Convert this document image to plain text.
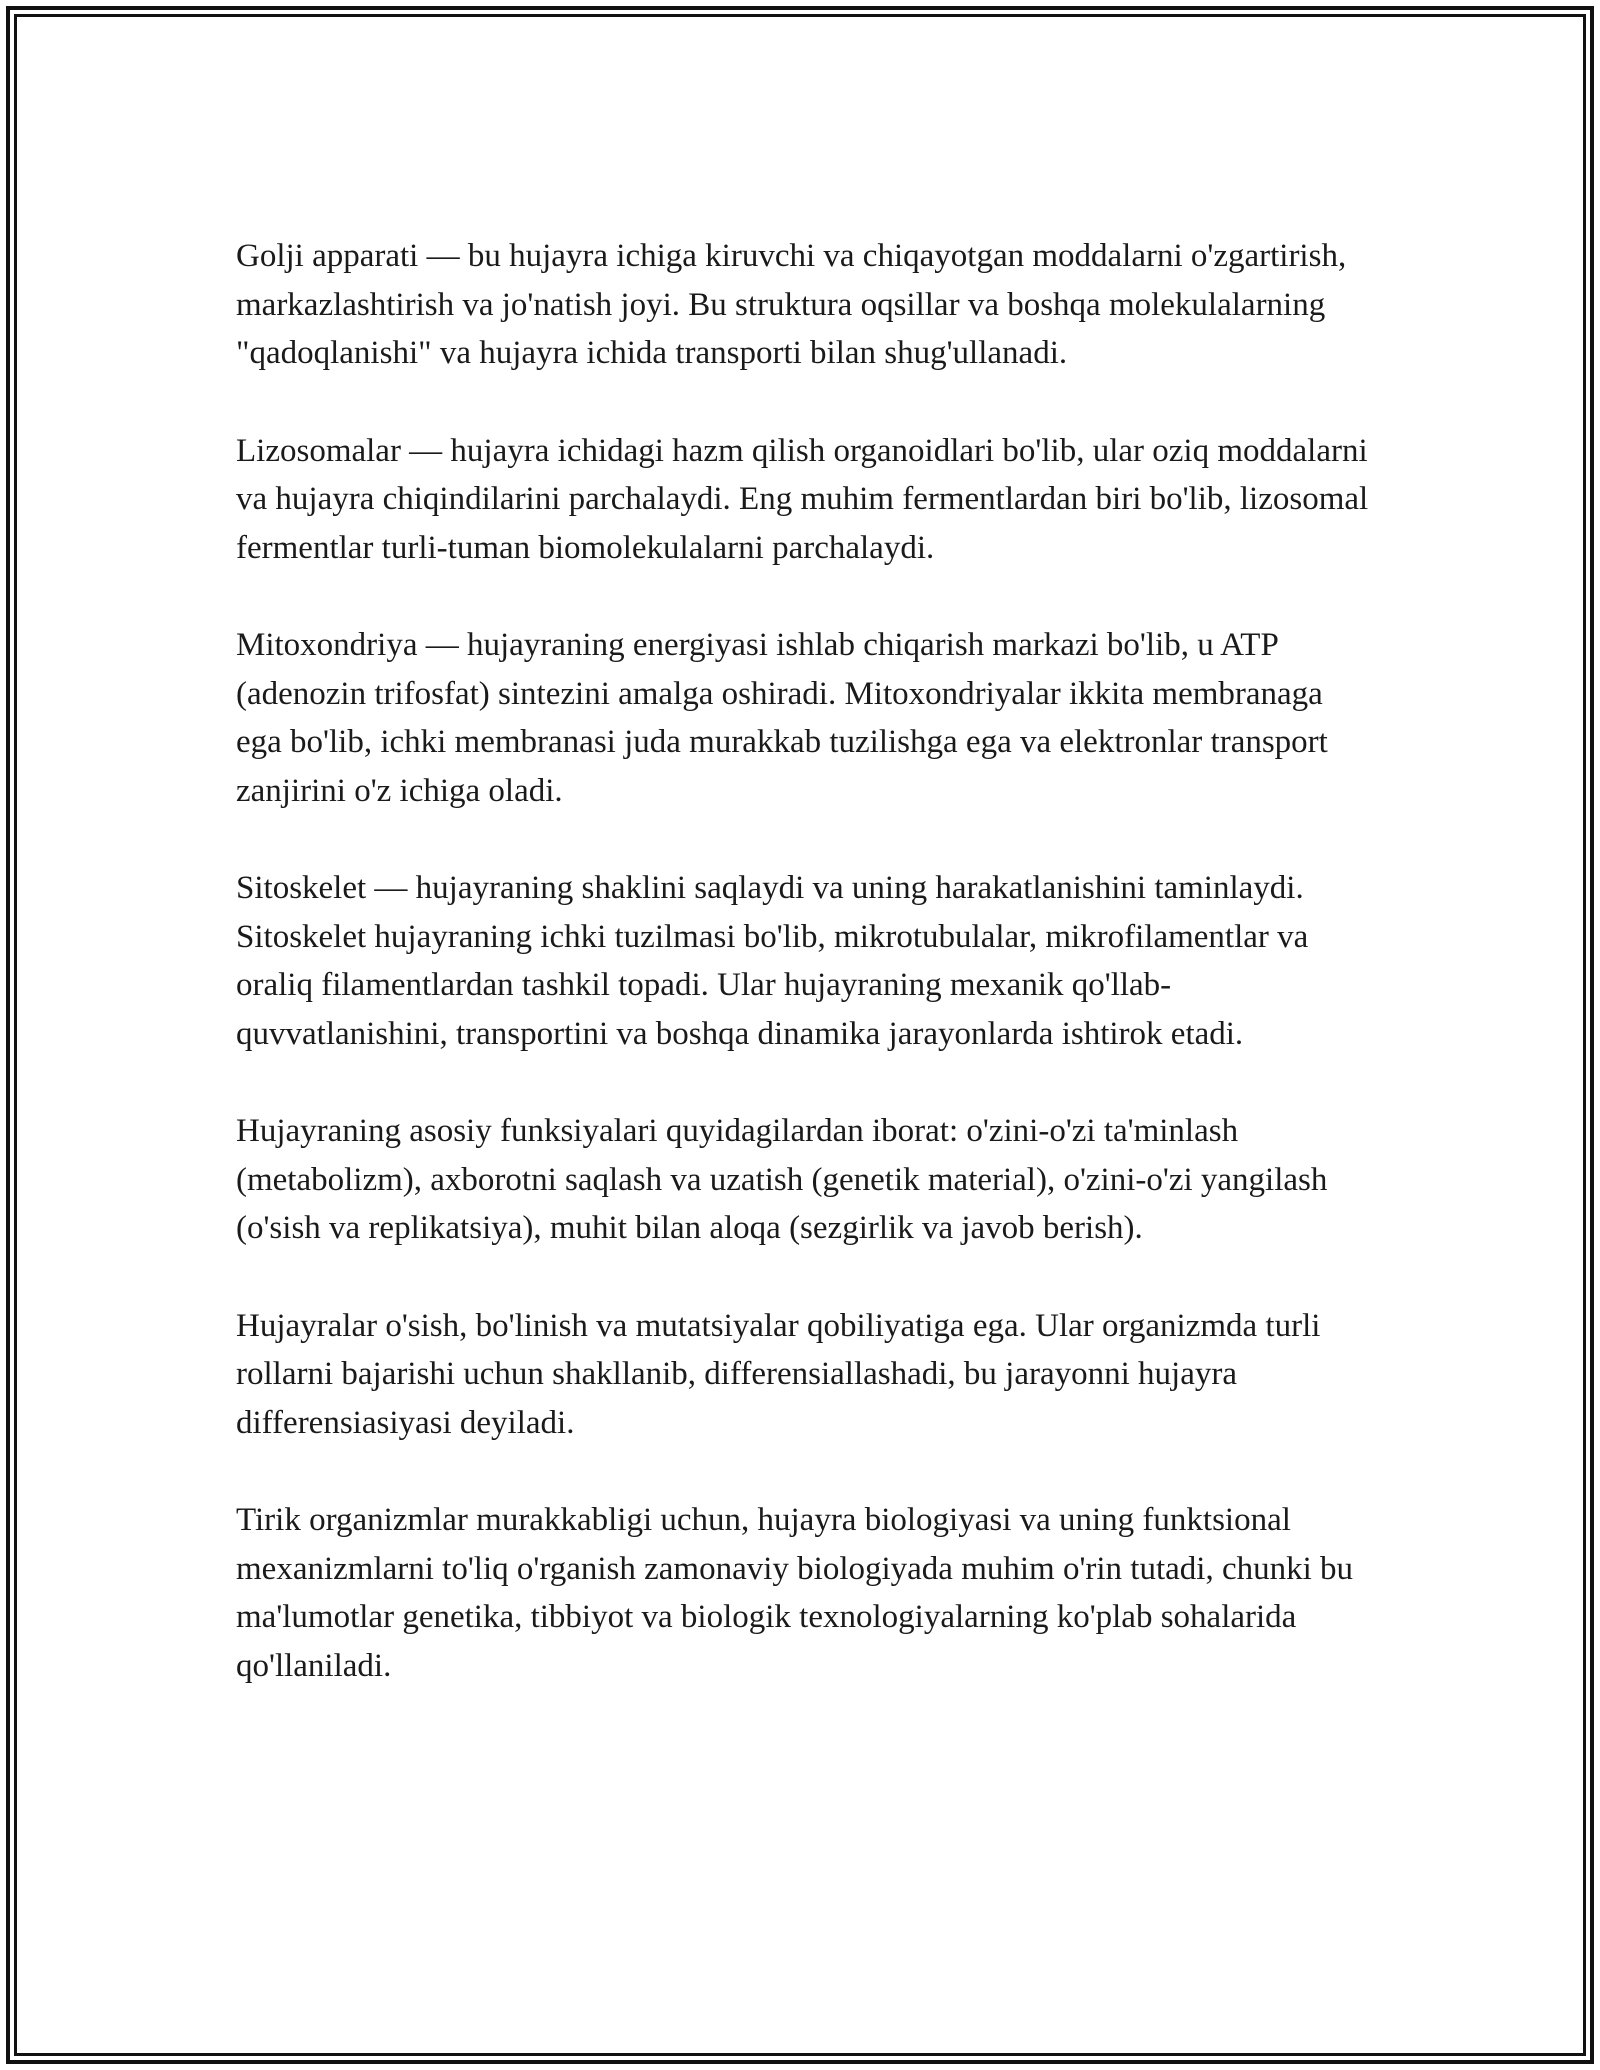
Golji apparati — bu hujayra ichiga kiruvchi va chiqayotgan moddalarni o'zgartirish, markazlashtirish va jo'natish joyi. Bu struktura oqsillar va boshqa molekulalarning "qadoqlanishi" va hujayra ichida transporti bilan shug'ullanadi.

Lizosomalar — hujayra ichidagi hazm qilish organoidlari bo'lib, ular oziq moddalarni va hujayra chiqindilarini parchalaydi. Eng muhim fermentlardan biri bo'lib, lizosomal fermentlar turli-tuman biomolekulalarni parchalaydi.

Mitoxondriya — hujayraning energiyasi ishlab chiqarish markazi bo'lib, u ATP (adenozin trifosfat) sintezini amalga oshiradi. Mitoxondriyalar ikkita membranaga ega bo'lib, ichki membranasi juda murakkab tuzilishga ega va elektronlar transport zanjirini o'z ichiga oladi.

Sitoskelet — hujayraning shaklini saqlaydi va uning harakatlanishini taminlaydi. Sitoskelet hujayraning ichki tuzilmasi bo'lib, mikrotubulalar, mikrofilamentlar va oraliq filamentlardan tashkil topadi. Ular hujayraning mexanik qo'llab-quvvatlanishini, transportini va boshqa dinamika jarayonlarda ishtirok etadi.

Hujayraning asosiy funksiyalari quyidagilardan iborat: o'zini-o'zi ta'minlash (metabolizm), axborotni saqlash va uzatish (genetik material), o'zini-o'zi yangilash (o'sish va replikatsiya), muhit bilan aloqa (sezgirlik va javob berish).

Hujayralar o'sish, bo'linish va mutatsiyalar qobiliyatiga ega. Ular organizmda turli rollarni bajarishi uchun shakllanib, differensiallashadi, bu jarayonni hujayra differensiasiyasi deyiladi.

Tirik organizmlar murakkabligi uchun, hujayra biologiyasi va uning funktsional mexanizmlarni to'liq o'rganish zamonaviy biologiyada muhim o'rin tutadi, chunki bu ma'lumotlar genetika, tibbiyot va biologik texnologiyalarning ko'plab sohalarida qo'llaniladi.
